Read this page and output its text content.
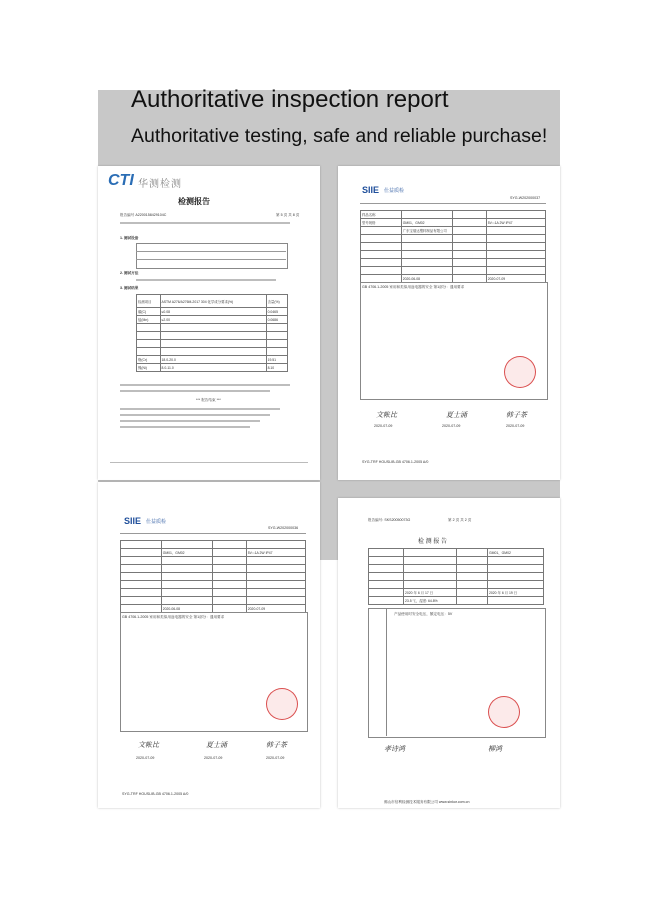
Authoritative inspection report
Authoritative testing, safe and reliable purchase!
CTI 华测检测
检测报告
报告编号 A2200158429104C	第 5 页 共 8 页
1. 测试设备
2. 测试方法
3. 测试结果
检测项目	ASTM A276/A276M-2017 304 化学成分要求(%)	含量(%)
碳(C)	≤0.08	0.0465
锰(Mn)	≤2.00	0.0686

铬(Cr)	18.0-20.0	19.51
镍(Ni)	8.0-11.0	8.10
*** 报告结束 ***
SIIE 仕益质检
SYG-W202000037
样品名称			
型号规格	GM01、GM02		5V⎓1A 2W IP47
	广东宝瑞达塑料制品有限公司		

	2020-06-08		2020-07-09
GB 4706.1-2005 家用和类似用途电器的安全 第1部分：通用要求
文帐比	夏士涌	韩子茶
2020-07-09	2020-07-09	2020-07-09
SYG-TRF HOUSLIB-GB 4706.1-2005 A/0
SIIE 仕益质检
SYG-W202000036

	GM01、GM02		5V⎓1A 2W IP47

	2020-06-08		2020-07-09
GB 4706.1-2005 家用和类似用途电器的安全 第1部分：通用要求
文帐比	夏士涌	韩子茶
2020-07-09	2020-07-09	2020-07-09
SYG-TRF HOUSLIB-GB 4706.1-2005 A/0
报告编号: SKS20050073G	第 2 页 共 2 页
检 测 报 告
			GM01、GM02

	2020 年 6 月 17 日		2020 年 6 月 19 日
	23.5 ℃，湿度: 64.8%		
产品使用时安全电压，额定电压：5V
孝诗鸿	柳鸿
佛山市信利检测技术服务有限公司 www.sinkor.com.cn
